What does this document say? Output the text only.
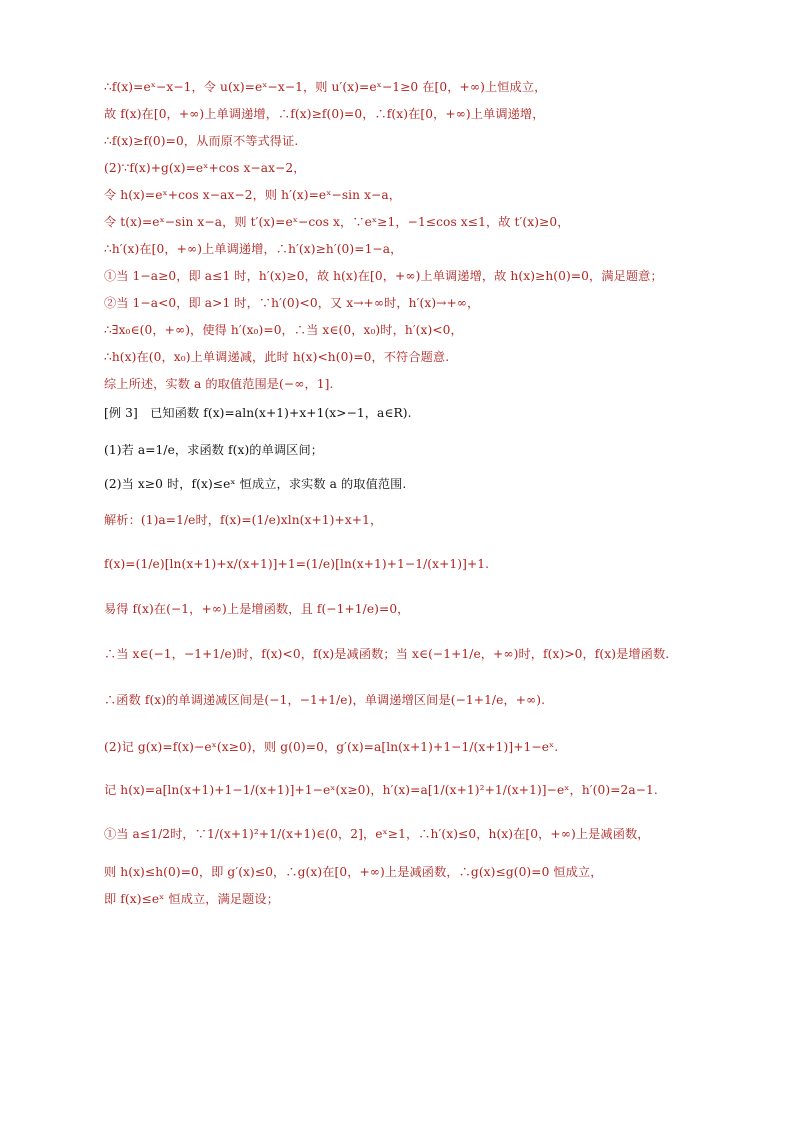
∴f(x)=eˣ−x−1，令 u(x)=eˣ−x−1，则 u′(x)=eˣ−1≥0 在[0，+∞)上恒成立，
故 f(x)在[0，+∞)上单调递增，∴f(x)≥f(0)=0，∴f(x)在[0，+∞)上单调递增，
∴f(x)≥f(0)=0，从而原不等式得证.
(2)∵f(x)+g(x)=eˣ+cos x−ax−2，
令 h(x)=eˣ+cos x−ax−2，则 h′(x)=eˣ−sin x−a，
令 t(x)=eˣ−sin x−a，则 t′(x)=eˣ−cos x，∵eˣ≥1，−1≤cos x≤1，故 t′(x)≥0，
∴h′(x)在[0，+∞)上单调递增，∴h′(x)≥h′(0)=1−a，
①当 1−a≥0，即 a≤1 时，h′(x)≥0，故 h(x)在[0，+∞)上单调递增，故 h(x)≥h(0)=0，满足题意；
②当 1−a<0，即 a>1 时，∵h′(0)<0，又 x→+∞时，h′(x)→+∞，
∴∃x₀∈(0，+∞)，使得 h′(x₀)=0，∴当 x∈(0，x₀)时，h′(x)<0，
∴h(x)在(0，x₀)上单调递减，此时 h(x)<h(0)=0，不符合题意.
综上所述，实数 a 的取值范围是(−∞，1].
[例 3]　已知函数 f(x)=aln(x+1)+x+1(x>−1，a∈R).
(1)若 a=1/e，求函数 f(x)的单调区间；
(2)当 x≥0 时，f(x)≤eˣ 恒成立，求实数 a 的取值范围.
解析：(1)a=1/e时，f(x)=(1/e)xln(x+1)+x+1，
f(x)=(1/e)[ln(x+1)+x/(x+1)]+1=(1/e)[ln(x+1)+1−1/(x+1)]+1.
易得 f(x)在(−1，+∞)上是增函数，且 f(−1+1/e)=0，
∴当 x∈(−1，−1+1/e)时，f(x)<0，f(x)是减函数；当 x∈(−1+1/e，+∞)时，f(x)>0，f(x)是增函数.
∴函数 f(x)的单调递减区间是(−1，−1+1/e)，单调递增区间是(−1+1/e，+∞).
(2)记 g(x)=f(x)−eˣ(x≥0)，则 g(0)=0，g′(x)=a[ln(x+1)+1−1/(x+1)]+1−eˣ.
记 h(x)=a[ln(x+1)+1−1/(x+1)]+1−eˣ(x≥0)，h′(x)=a[1/(x+1)²+1/(x+1)]−eˣ，h′(0)=2a−1.
①当 a≤1/2时，∵1/(x+1)²+1/(x+1)∈(0，2]，eˣ≥1，∴h′(x)≤0，h(x)在[0，+∞)上是减函数，
则 h(x)≤h(0)=0，即 g′(x)≤0，∴g(x)在[0，+∞)上是减函数，∴g(x)≤g(0)=0 恒成立，
即 f(x)≤eˣ 恒成立，满足题设；
